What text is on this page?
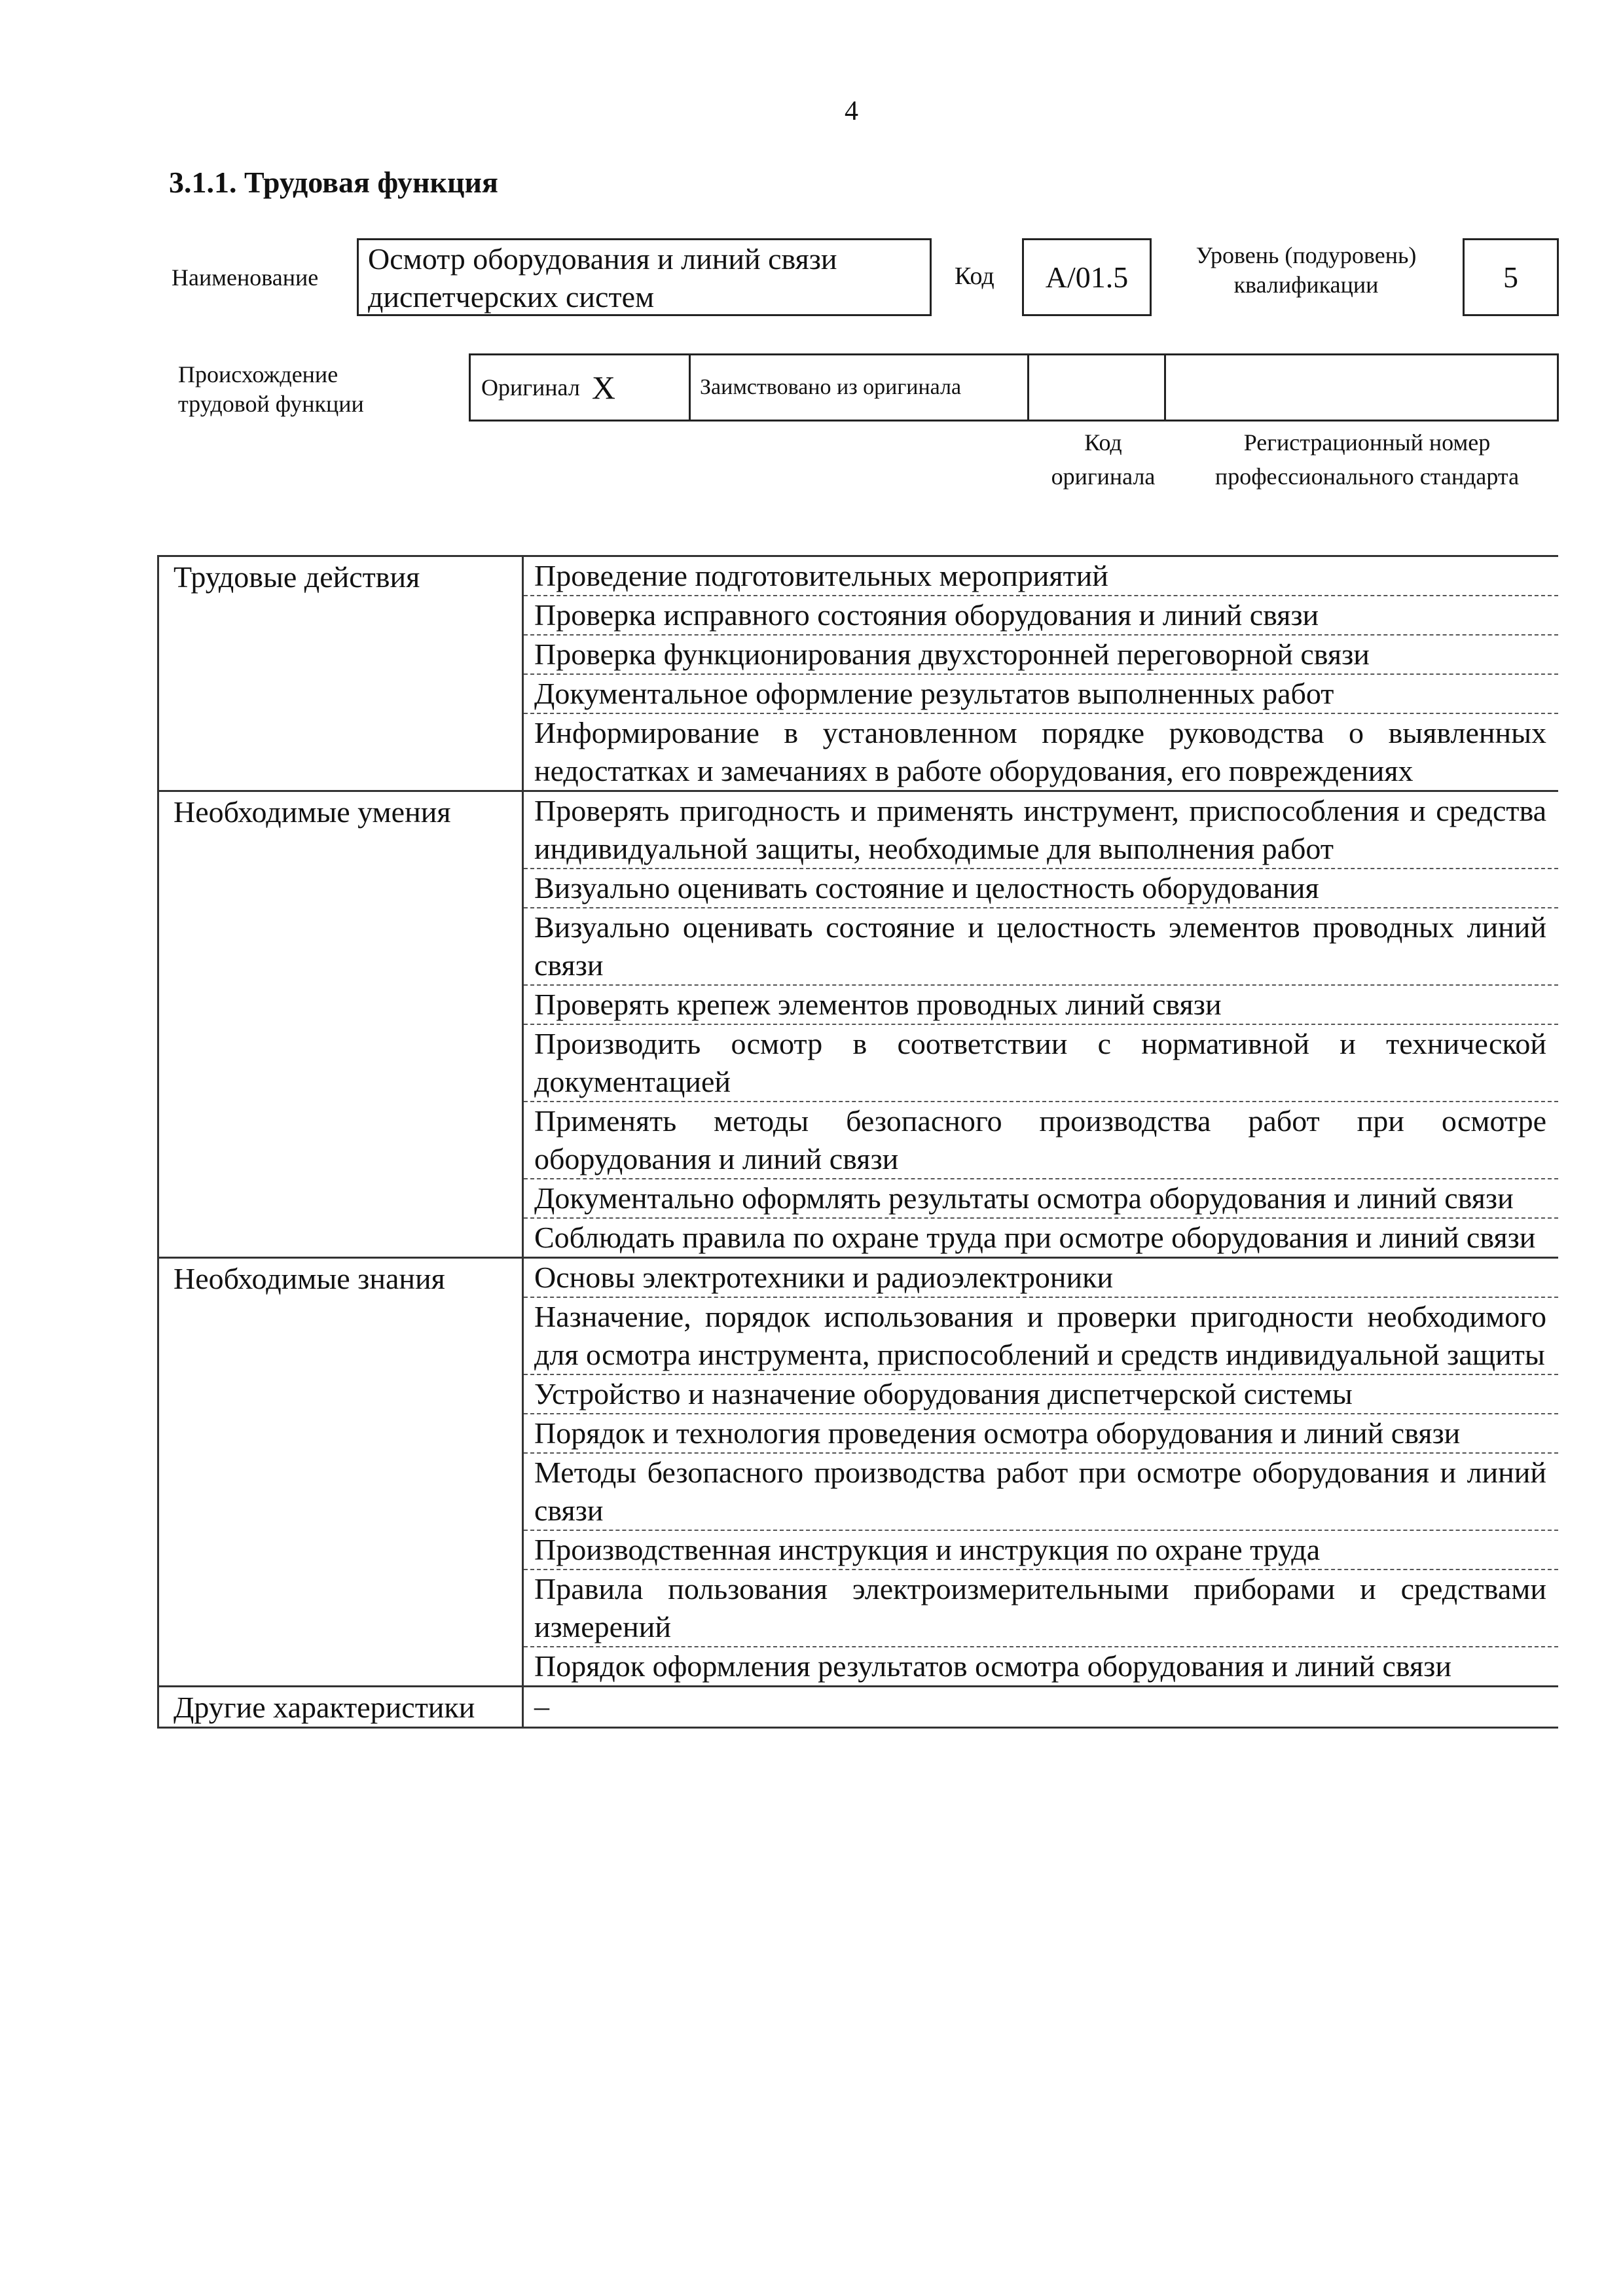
4
3.1.1. Трудовая функция
Наименование
Осмотр оборудования и линий связи
диспетчерских систем
Код A/01.5
Уровень (подуровень)
квалификации	5
Происхождение
трудовой функции
Оригинал X	Заимствовано из оригинала
Код
оригинала
Регистрационный номер
профессионального стандарта
Трудовые действия	Проведение подготовительных мероприятий
	Проверка исправного состояния оборудования и линий связи
	Проверка функционирования двухсторонней переговорной связи
	Документальное оформление результатов выполненных работ
	Информирование в установленном порядке руководства о выявленных недостатках и замечаниях в работе оборудования, его повреждениях
Необходимые умения	Проверять пригодность и применять инструмент, приспособления и средства индивидуальной защиты, необходимые для выполнения работ
	Визуально оценивать состояние и целостность оборудования
	Визуально оценивать состояние и целостность элементов проводных линий связи
	Проверять крепеж элементов проводных линий связи
	Производить осмотр в соответствии с нормативной и технической документацией
	Применять методы безопасного производства работ при осмотре оборудования и линий связи
	Документально оформлять результаты осмотра оборудования и линий связи
	Соблюдать правила по охране труда при осмотре оборудования и линий связи
Необходимые знания	Основы электротехники и радиоэлектроники
	Назначение, порядок использования и проверки пригодности необходимого для осмотра инструмента, приспособлений и средств индивидуальной защиты
	Устройство и назначение оборудования диспетчерской системы
	Порядок и технология проведения осмотра оборудования и линий связи
	Методы безопасного производства работ при осмотре оборудования и линий связи
	Производственная инструкция и инструкция по охране труда
	Правила пользования электроизмерительными приборами и средствами измерений
	Порядок оформления результатов осмотра оборудования и линий связи
Другие характеристики	–
